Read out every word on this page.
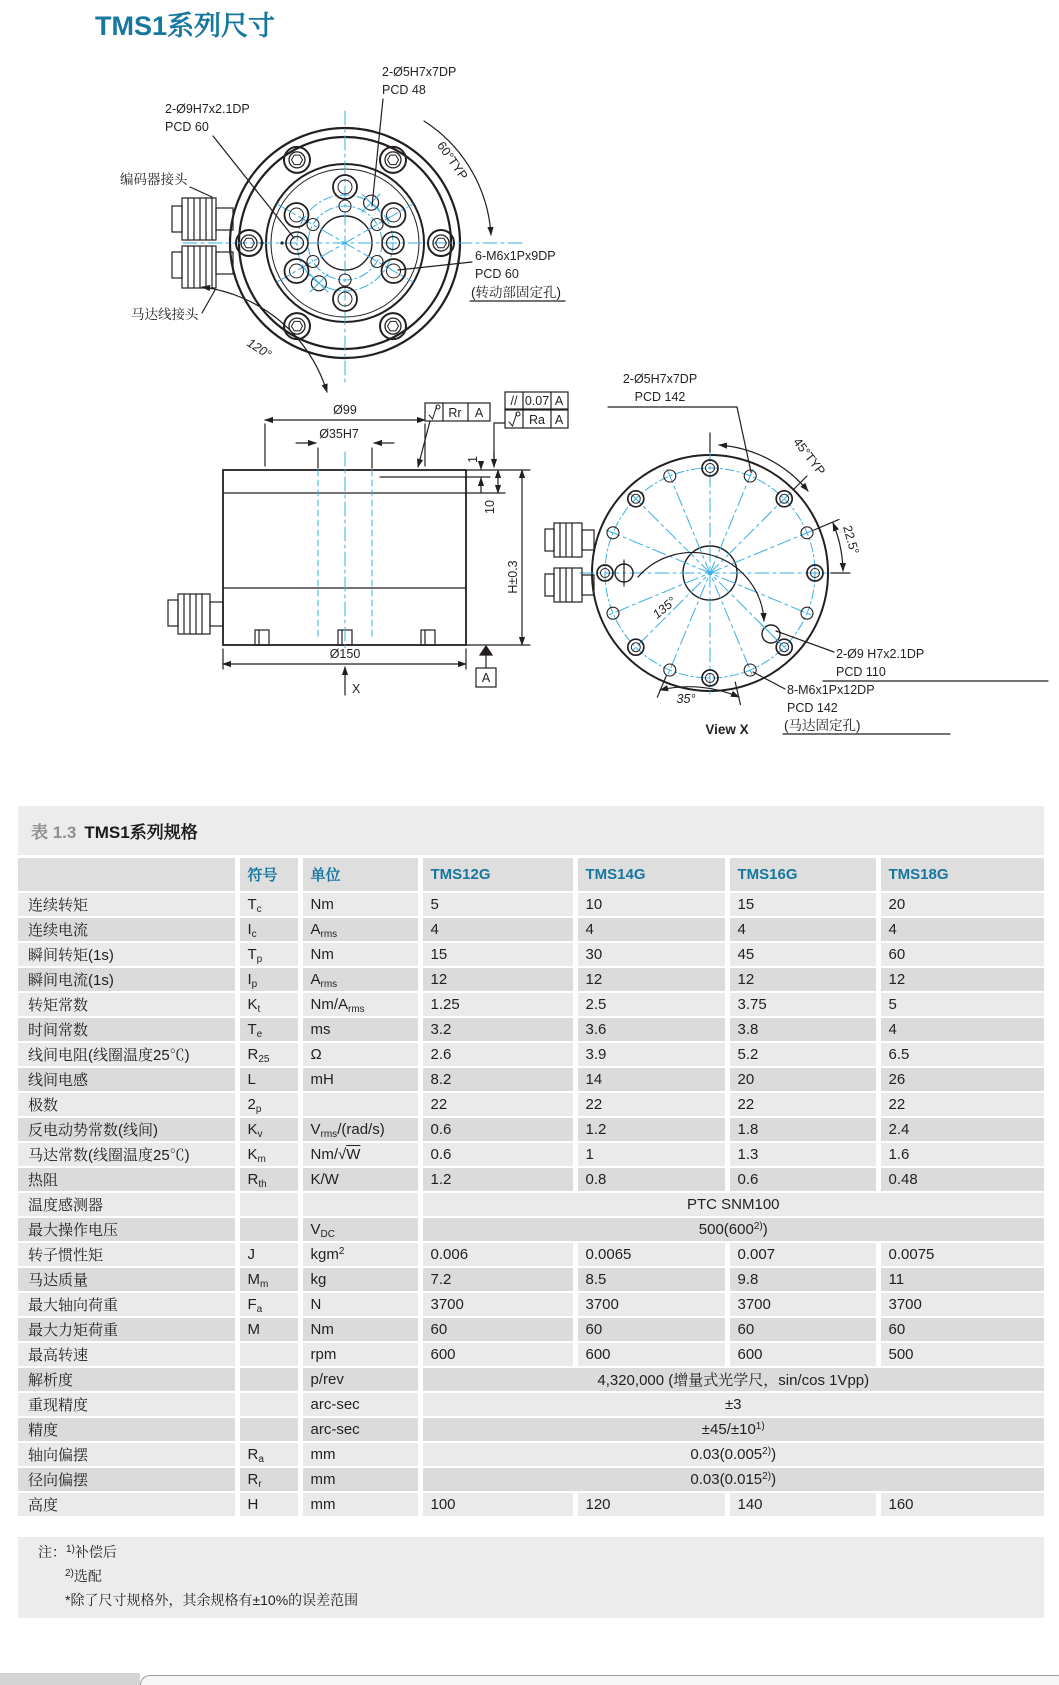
TMS1系列尺寸
2-Ø5H7x7DP
PCD 48
2-Ø9H7x2.1DP
PCD 60
编码器接头
马达线接头
60°TYP
120°
6-M6x1Px9DP
PCD 60
(转动部固定孔)
Ø99
Ø35H7
Ø150
1
10
H±0.3
Rr A
// 0.07 A
Ra A
A
X
2-Ø5H7x7DP
PCD 142
45°TYP
22.5°
135°
35°
2-Ø9 H7x2.1DP
PCD 110
8-M6x1Px12DP
PCD 142
(马达固定孔)
View X
表 1.3 TMS1系列规格
	符号	单位	TMS12G	TMS14G	TMS16G	TMS18G
连续转矩	$T_c$	Nm	5	10	15	20
连续电流	$I_c$	$A_{rms}$	4	4	4	4
瞬间转矩(1s)	$T_p$	Nm	15	30	45	60
瞬间电流(1s)	$I_p$	$A_{rms}$	12	12	12	12
转矩常数	$K_t$	$Nm/A_{rms}$	1.25	2.5	3.75	5
时间常数	$T_e$	ms	3.2	3.6	3.8	4
线间电阻(线圈温度25℃)	$R_{25}$	Ω	2.6	3.9	5.2	6.5
线间电感	L	mH	8.2	14	20	26
极数	$2_p$		22	22	22	22
反电动势常数(线间)	$K_v$	$V_{rms}/(rad/s)$	0.6	1.2	1.8	2.4
马达常数(线圈温度25℃)	$K_m$	Nm/√W	0.6	1	1.3	1.6
热阻	$R_{th}$	K/W	1.2	0.8	0.6	0.48
温度感测器			PTC SNM100			
最大操作电压		$V_{DC}$	500(600$^{2)}$)			
转子惯性矩	J	kgm$^2$	0.006	0.0065	0.007	0.0075
马达质量	$M_m$	kg	7.2	8.5	9.8	11
最大轴向荷重	$F_a$	N	3700	3700	3700	3700
最大力矩荷重	M	Nm	60	60	60	60
最高转速		rpm	600	600	600	500
解析度		p/rev	4,320,000 (增量式光学尺，sin/cos 1Vpp)			
重现精度		arc-sec	±3			
精度		arc-sec	$\pm 45/\pm 10^{1)}$
轴向偏摆	$R_a$	mm	0.03(0.005$^{2)}$)			
径向偏摆	$R_r$	mm	0.03(0.015$^{2)}$)			
高度	H	mm	100	120	140	160
注：$^{1)}$补偿后
$^{2)}$选配
*除了尺寸规格外，其余规格有±10%的误差范围
